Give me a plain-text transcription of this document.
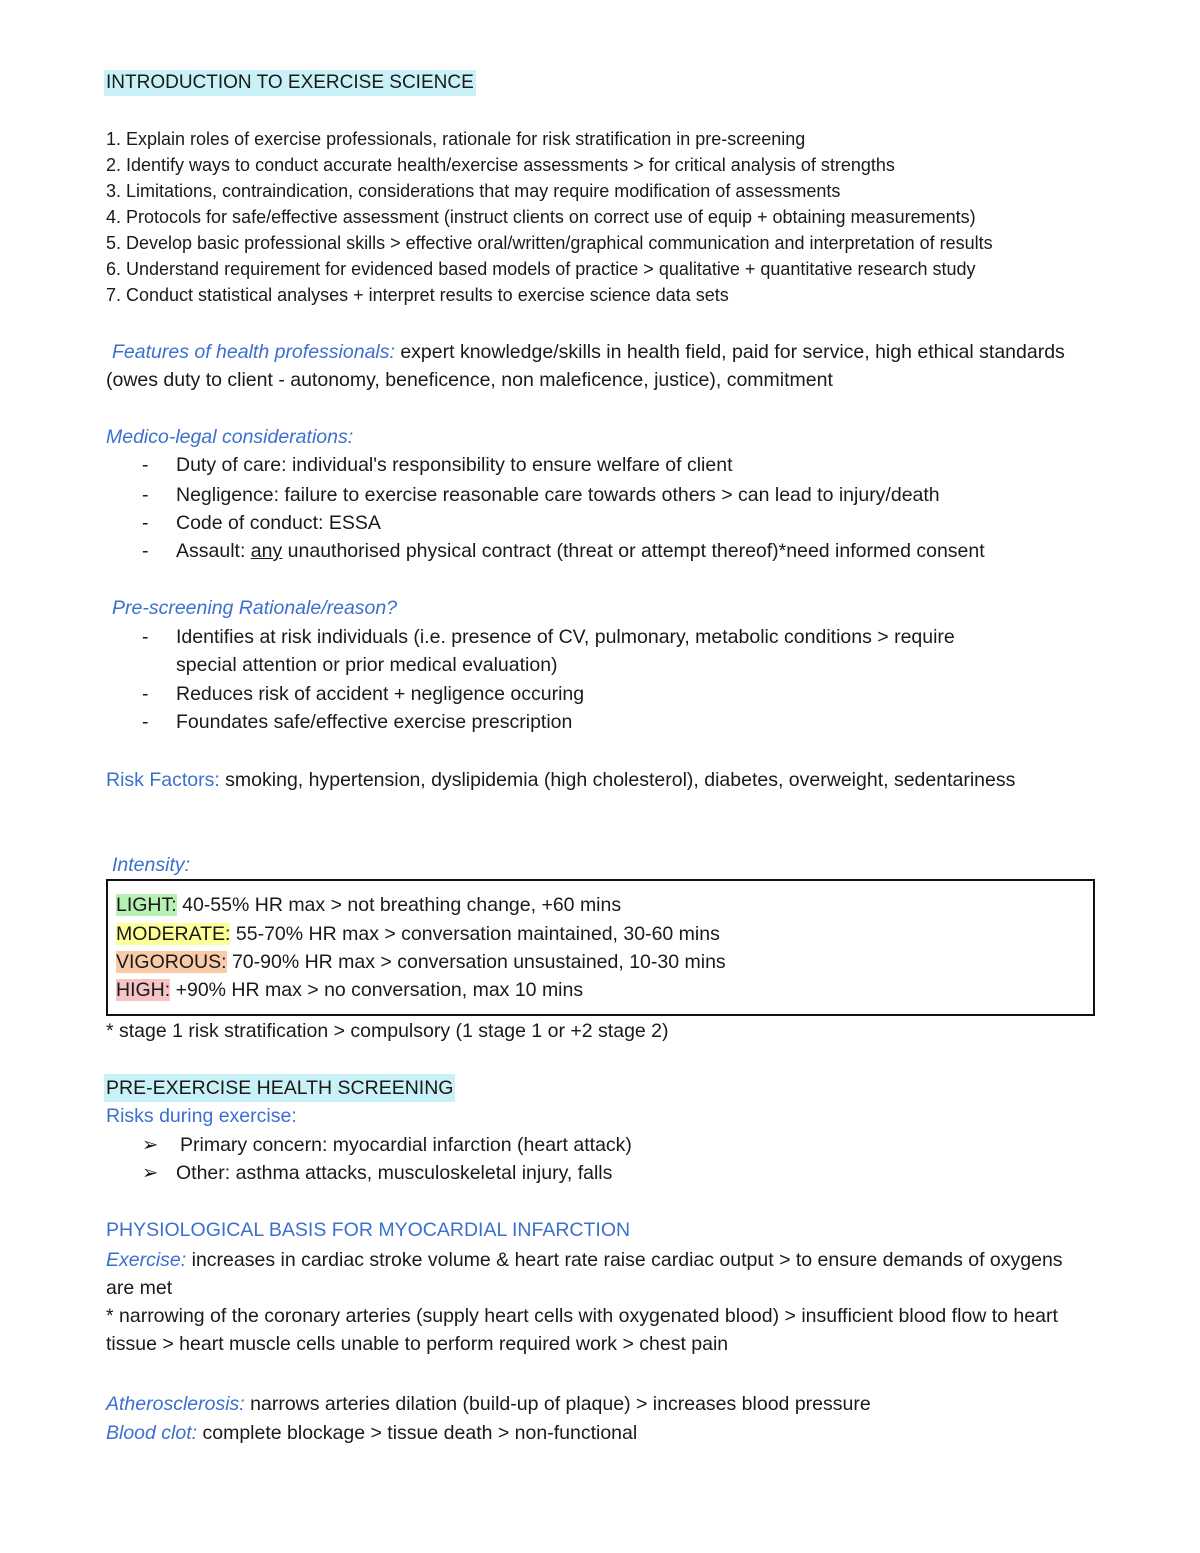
INTRODUCTION TO EXERCISE SCIENCE
1. Explain roles of exercise professionals, rationale for risk stratification in pre-screening
2. Identify ways to conduct accurate health/exercise assessments > for critical analysis of strengths
3. Limitations, contraindication, considerations that may require modification of assessments
4. Protocols for safe/effective assessment (instruct clients on correct use of equip + obtaining measurements)
5. Develop basic professional skills > effective oral/written/graphical communication and interpretation of results
6. Understand requirement for evidenced based models of practice > qualitative + quantitative research study
7. Conduct statistical analyses + interpret results to exercise science data sets
Features of health professionals: expert knowledge/skills in health field, paid for service, high ethical standards (owes duty to client - autonomy, beneficence, non maleficence, justice), commitment
Medico-legal considerations:
- Duty of care: individual's responsibility to ensure welfare of client
- Negligence: failure to exercise reasonable care towards others > can lead to injury/death
- Code of conduct: ESSA
- Assault: any unauthorised physical contract (threat or attempt thereof)*need informed consent
Pre-screening Rationale/reason?
- Identifies at risk individuals (i.e. presence of CV, pulmonary, metabolic conditions > require
special attention or prior medical evaluation)
- Reduces risk of accident + negligence occuring
- Foundates safe/effective exercise prescription
Risk Factors: smoking, hypertension, dyslipidemia (high cholesterol), diabetes, overweight, sedentariness
Intensity:
LIGHT: 40-55% HR max > not breathing change, +60 mins
MODERATE: 55-70% HR max > conversation maintained, 30-60 mins
VIGOROUS: 70-90% HR max > conversation unsustained, 10-30 mins
HIGH: +90% HR max > no conversation, max 10 mins
* stage 1 risk stratification > compulsory (1 stage 1 or +2 stage 2)
PRE-EXERCISE HEALTH SCREENING
Risks during exercise:
➢ Primary concern: myocardial infarction (heart attack)
➢ Other: asthma attacks, musculoskeletal injury, falls
PHYSIOLOGICAL BASIS FOR MYOCARDIAL INFARCTION
Exercise: increases in cardiac stroke volume & heart rate raise cardiac output > to ensure demands of oxygens are met
* narrowing of the coronary arteries (supply heart cells with oxygenated blood) > insufficient blood flow to heart tissue > heart muscle cells unable to perform required work > chest pain
Atherosclerosis: narrows arteries dilation (build-up of plaque) > increases blood pressure
Blood clot: complete blockage > tissue death > non-functional
